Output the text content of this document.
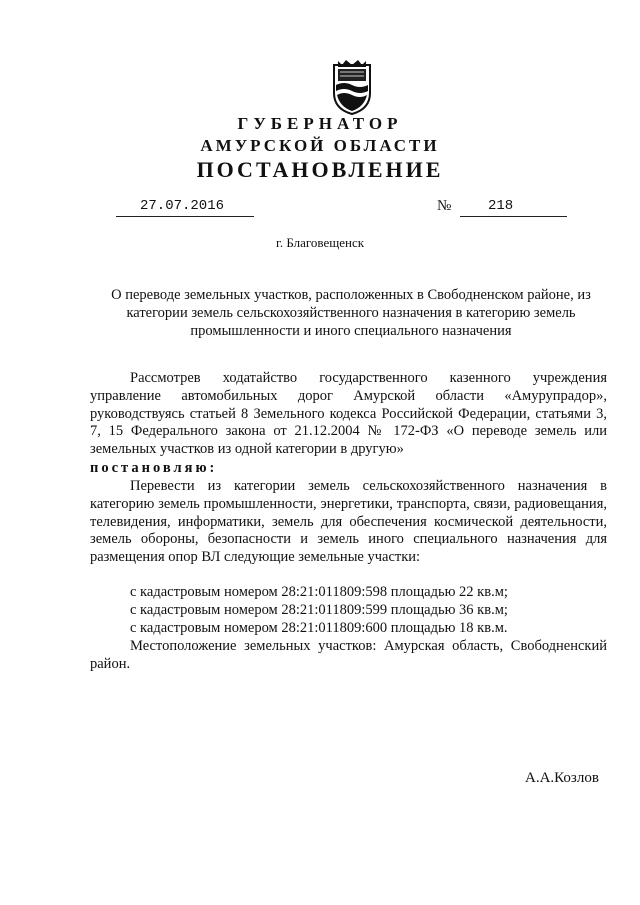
ГУБЕРНАТОР
АМУРСКОЙ ОБЛАСТИ
ПОСТАНОВЛЕНИЕ
27.07.2016	№	218
г. Благовещенск
О переводе земельных участков, расположенных в Свободненском районе, из категории земель сельскохозяйственного назначения в категорию земель промышленности и иного специального назначения
Рассмотрев ходатайство государственного казенного учреждения управление автомобильных дорог Амурской области «Амурупрадор», руководствуясь статьей 8 Земельного кодекса Российской Федерации, статьями 3, 7, 15 Федерального закона от 21.12.2004 № 172-ФЗ «О переводе земель или земельных участков из одной категории в другую»
постановляю:
Перевести из категории земель сельскохозяйственного назначения в категорию земель промышленности, энергетики, транспорта, связи, радиовещания, телевидения, информатики, земель для обеспечения космической деятельности, земель обороны, безопасности и земель иного специального назначения для размещения опор ВЛ следующие земельные участки:
с кадастровым номером 28:21:011809:598 площадью 22 кв.м;
с кадастровым номером 28:21:011809:599 площадью 36 кв.м;
с кадастровым номером 28:21:011809:600 площадью 18 кв.м.
Местоположение земельных участков: Амурская область, Свободненский район.
А.А.Козлов
